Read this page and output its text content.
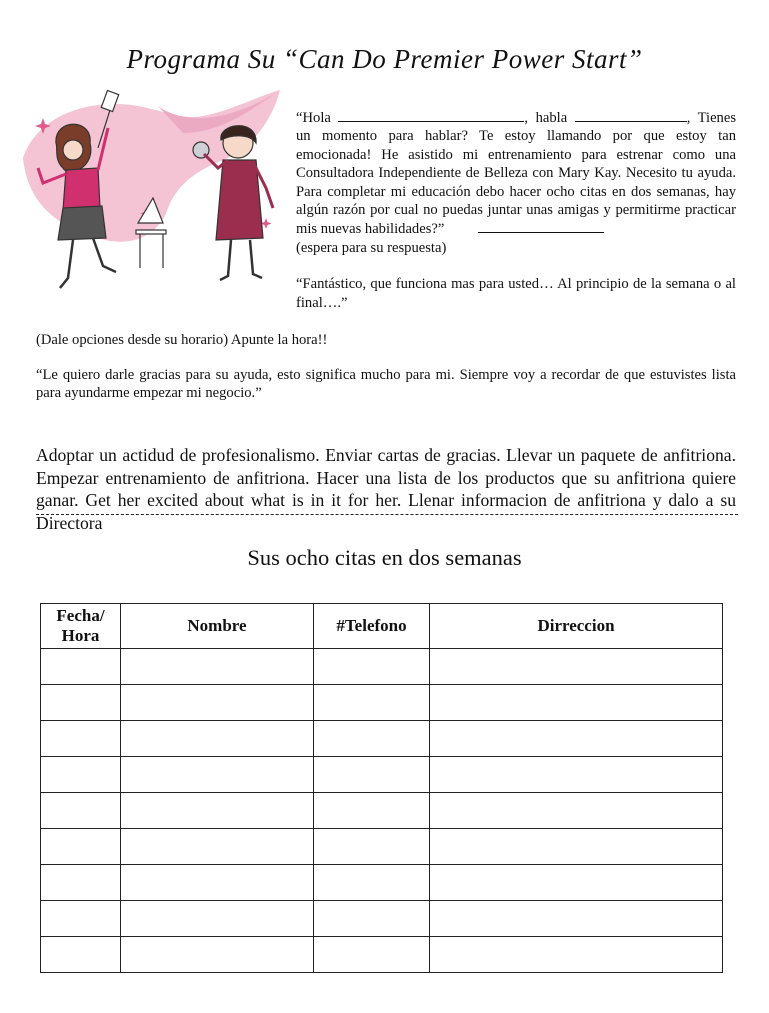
Programa Su “Can Do Premier Power Start”

“Hola	, habla	, Tienes un momento para hablar? Te estoy llamando por que estoy tan emocionada! He asistido mi entrenamiento para estrenar como una Consultadora Independiente de Belleza con Mary Kay. Necesito tu ayuda. Para completar mi educación debo hacer ocho citas en dos semanas, hay algún razón por cual no puedas juntar unas amigas y permitirme practicar mis nuevas habilidades?”
(espera para su respuesta)

“Fantástico, que funciona mas para usted… Al principio de la semana o al final….”

(Dale opciones desde su horario) Apunte la hora!!
“Le quiero darle gracias para su ayuda, esto significa mucho para mi. Siempre voy a recordar de que estuvistes lista para ayundarme empezar mi negocio.”
Adoptar un actidud de profesionalismo. Enviar cartas de gracias. Llevar un paquete de anfitriona. Empezar entrenamiento de anfitriona. Hacer una lista de los productos que su anfitriona quiere ganar. Get her excited about what is in it for her. Llenar informacion de anfitriona y dalo a su Directora
Sus ocho citas en dos semanas
Fecha/ Hora	Nombre	#Telefono	Dirreccion
